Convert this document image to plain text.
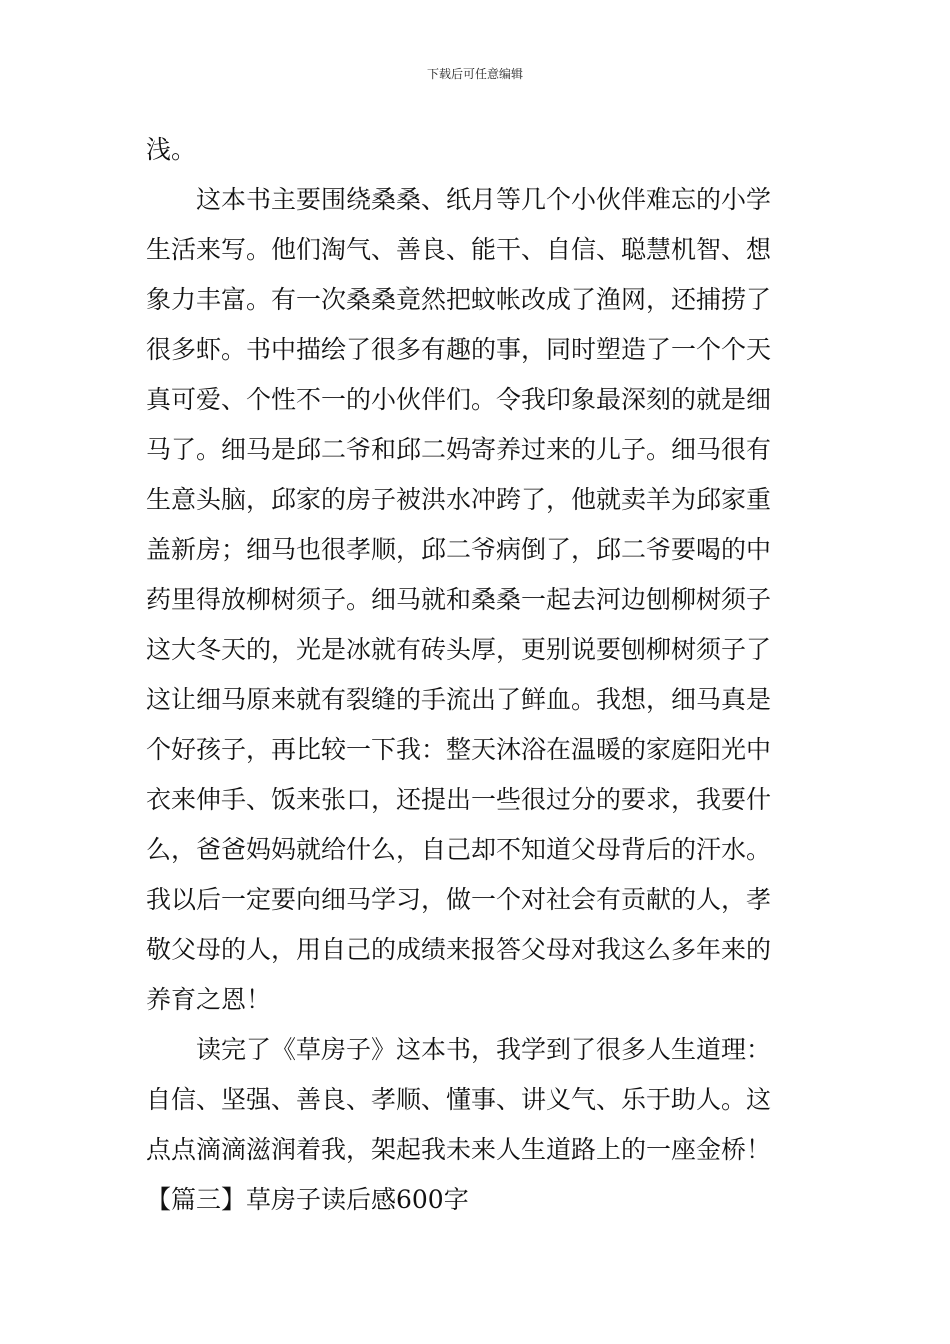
下载后可任意编辑
浅。
这本书主要围绕桑桑、纸月等几个小伙伴难忘的小学
生活来写。他们淘气、善良、能干、自信、聪慧机智、想
象力丰富。有一次桑桑竟然把蚊帐改成了渔网，还捕捞了
很多虾。书中描绘了很多有趣的事，同时塑造了一个个天
真可爱、个性不一的小伙伴们。令我印象最深刻的就是细
马了。细马是邱二爷和邱二妈寄养过来的儿子。细马很有
生意头脑，邱家的房子被洪水冲跨了，他就卖羊为邱家重
盖新房；细马也很孝顺，邱二爷病倒了，邱二爷要喝的中
药里得放柳树须子。细马就和桑桑一起去河边刨柳树须子
这大冬天的，光是冰就有砖头厚，更别说要刨柳树须子了
这让细马原来就有裂缝的手流出了鲜血。我想，细马真是
个好孩子，再比较一下我：整天沐浴在温暖的家庭阳光中
衣来伸手、饭来张口，还提出一些很过分的要求，我要什
么，爸爸妈妈就给什么，自己却不知道父母背后的汗水。
我以后一定要向细马学习，做一个对社会有贡献的人，孝
敬父母的人，用自己的成绩来报答父母对我这么多年来的
养育之恩！
读完了《草房子》这本书，我学到了很多人生道理：
自信、坚强、善良、孝顺、懂事、讲义气、乐于助人。这
点点滴滴滋润着我，架起我未来人生道路上的一座金桥！
【篇三】草房子读后感600字
